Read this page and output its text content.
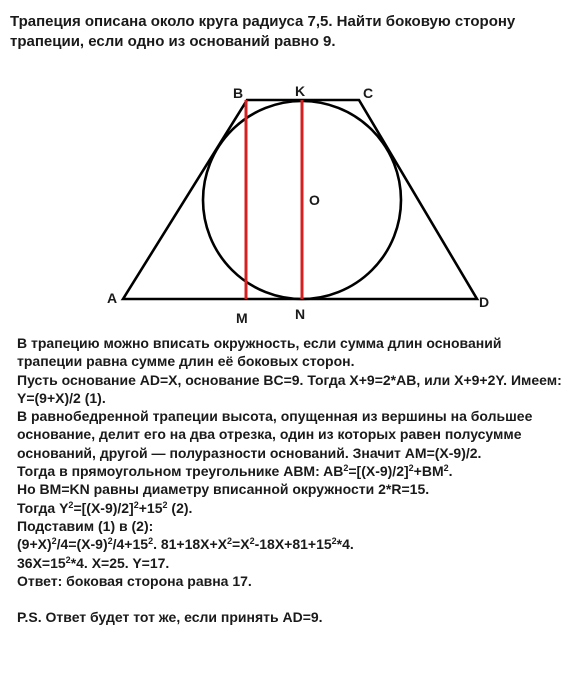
Трапеция описана около круга радиуса 7,5. Найти боковую сторону
трапеции, если одно из оснований равно 9.
A
B	K	C
O
D
M	N
В трапецию можно вписать окружность, если сумма длин оснований
трапеции равна сумме длин её боковых сторон.
Пусть основание AD=X, основание BC=9. Тогда X+9=2*AB, или X+9+2Y. Имеем:
Y=(9+X)/2 (1).
В равнобедренной трапеции высота, опущенная из вершины на большее
основание, делит его на два отрезка, один из которых равен полусумме
оснований, другой — полуразности оснований. Значит AM=(X-9)/2.
Тогда в прямоугольном треугольнике ABM: $AB^2=[(X-9)/2]^2+BM^2$.
Но BM=KN равны диаметру вписанной окружности 2*R=15.
Тогда $Y^2=[(X-9)/2]^2+15^2$ (2).
Подставим (1) в (2):
$(9+X)^2/4=(X-9)^2/4+15^2$. $81+18X+X^2=X^2-18X+81+15^2*4$.
$36X=15^2*4$. X=25. Y=17.
Ответ: боковая сторона равна 17.
P.S. Ответ будет тот же, если принять AD=9.
